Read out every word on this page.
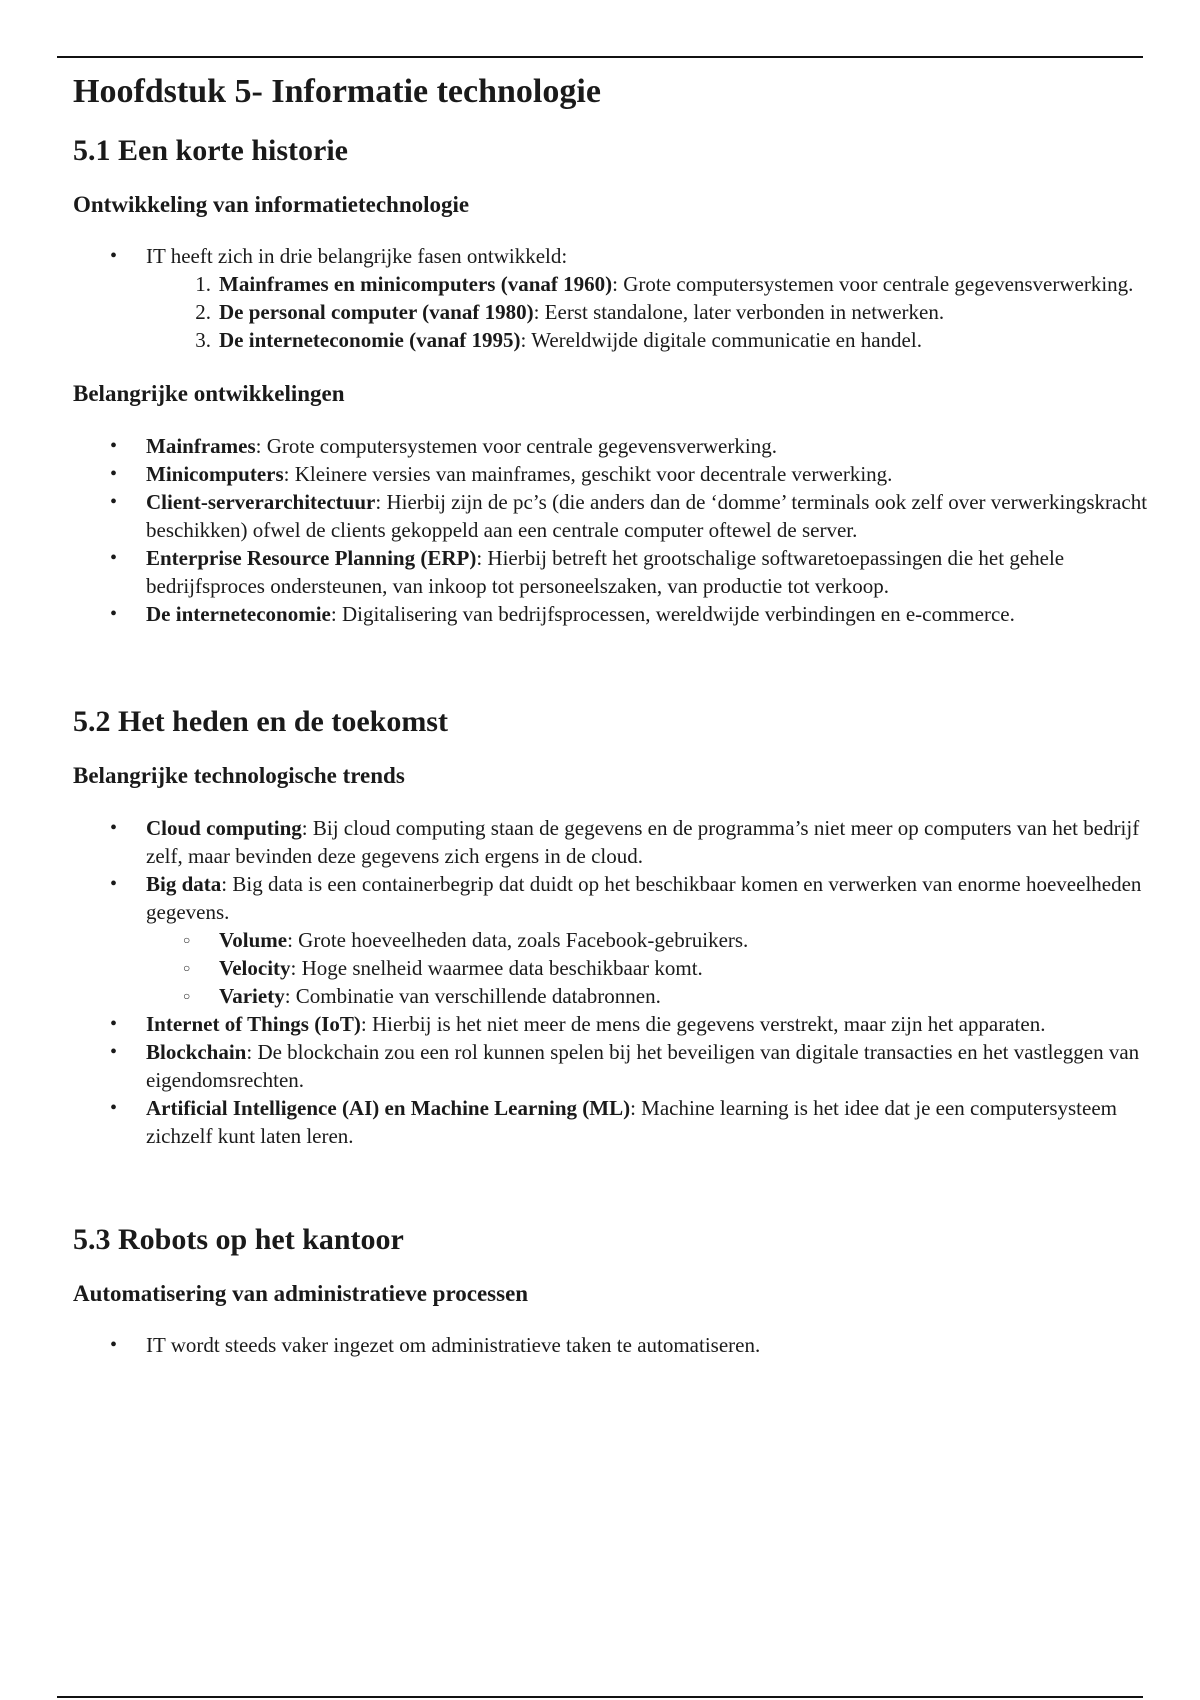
Hoofdstuk 5- Informatie technologie
5.1 Een korte historie
Ontwikkeling van informatietechnologie
• IT heeft zich in drie belangrijke fasen ontwikkeld:
1. Mainframes en minicomputers (vanaf 1960): Grote computersystemen voor centrale gegevensverwerking.
2. De personal computer (vanaf 1980): Eerst standalone, later verbonden in netwerken.
3. De interneteconomie (vanaf 1995): Wereldwijde digitale communicatie en handel.
Belangrijke ontwikkelingen
• Mainframes: Grote computersystemen voor centrale gegevensverwerking.
• Minicomputers: Kleinere versies van mainframes, geschikt voor decentrale verwerking.
• Client-serverarchitectuur: Hierbij zijn de pc’s (die anders dan de ‘domme’ terminals ook zelf over verwerkingskracht beschikken) ofwel de clients gekoppeld aan een centrale computer oftewel de server.
• Enterprise Resource Planning (ERP): Hierbij betreft het grootschalige softwaretoepassingen die het gehele bedrijfsproces ondersteunen, van inkoop tot personeelszaken, van productie tot verkoop.
• De interneteconomie: Digitalisering van bedrijfsprocessen, wereldwijde verbindingen en e-commerce.
5.2 Het heden en de toekomst
Belangrijke technologische trends
• Cloud computing: Bij cloud computing staan de gegevens en de programma’s niet meer op computers van het bedrijf zelf, maar bevinden deze gegevens zich ergens in de cloud.
• Big data: Big data is een containerbegrip dat duidt op het beschikbaar komen en verwerken van enorme hoeveelheden gegevens.
○ Volume: Grote hoeveelheden data, zoals Facebook-gebruikers.
○ Velocity: Hoge snelheid waarmee data beschikbaar komt.
○ Variety: Combinatie van verschillende databronnen.
• Internet of Things (IoT): Hierbij is het niet meer de mens die gegevens verstrekt, maar zijn het apparaten.
• Blockchain: De blockchain zou een rol kunnen spelen bij het beveiligen van digitale transacties en het vastleggen van eigendomsrechten.
• Artificial Intelligence (AI) en Machine Learning (ML): Machine learning is het idee dat je een computersysteem zichzelf kunt laten leren.
5.3 Robots op het kantoor
Automatisering van administratieve processen
• IT wordt steeds vaker ingezet om administratieve taken te automatiseren.
